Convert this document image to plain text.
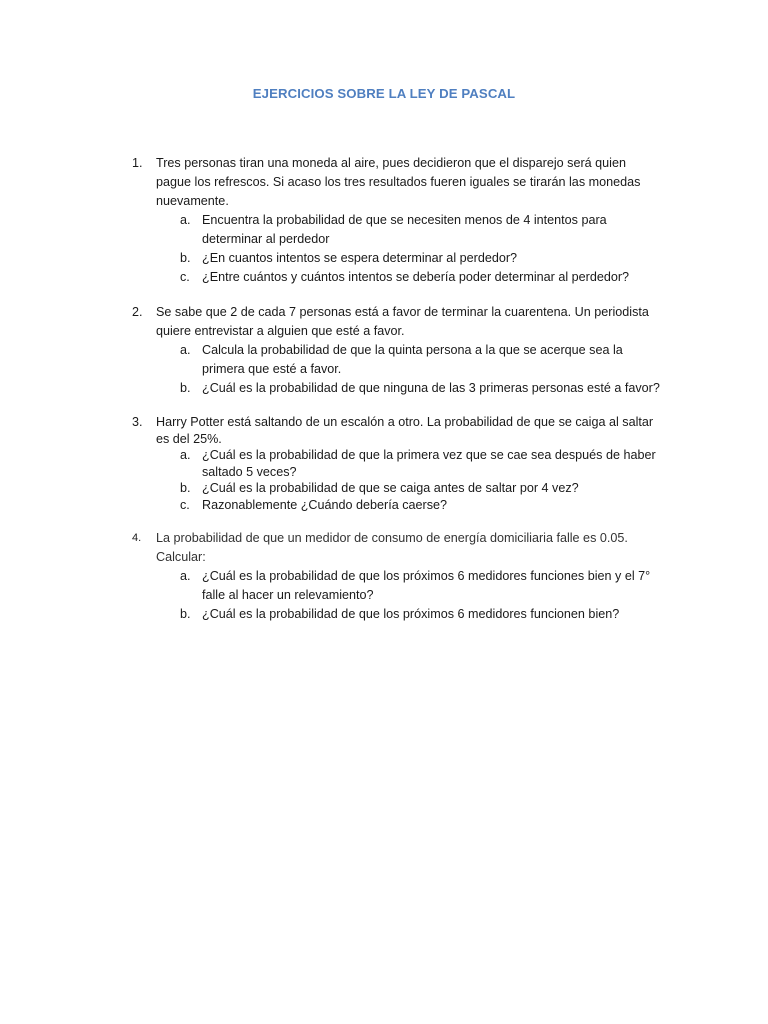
EJERCICIOS SOBRE LA LEY DE PASCAL
1. Tres personas tiran una moneda al aire, pues decidieron que el disparejo será quien pague los refrescos. Si acaso los tres resultados fueren iguales se tirarán las monedas nuevamente.
a. Encuentra la probabilidad de que se necesiten menos de 4 intentos para determinar al perdedor
b. ¿En cuantos intentos se espera determinar al perdedor?
c. ¿Entre cuántos y cuántos intentos se debería poder determinar al perdedor?
2. Se sabe que 2 de cada 7 personas está a favor de terminar la cuarentena. Un periodista quiere entrevistar a alguien que esté a favor.
a. Calcula la probabilidad de que la quinta persona a la que se acerque sea la primera que esté a favor.
b. ¿Cuál es la probabilidad de que ninguna de las 3 primeras personas esté a favor?
3. Harry Potter está saltando de un escalón a otro. La probabilidad de que se caiga al saltar es del 25%.
a. ¿Cuál es la probabilidad de que la primera vez que se cae sea después de haber saltado 5 veces?
b. ¿Cuál es la probabilidad de que se caiga antes de saltar por 4 vez?
c. Razonablemente ¿Cuándo debería caerse?
4. La probabilidad de que un medidor de consumo de energía domiciliaria falle es 0.05. Calcular:
a. ¿Cuál es la probabilidad de que los próximos 6 medidores funciones bien y el 7° falle al hacer un relevamiento?
b. ¿Cuál es la probabilidad de que los próximos 6 medidores funcionen bien?
